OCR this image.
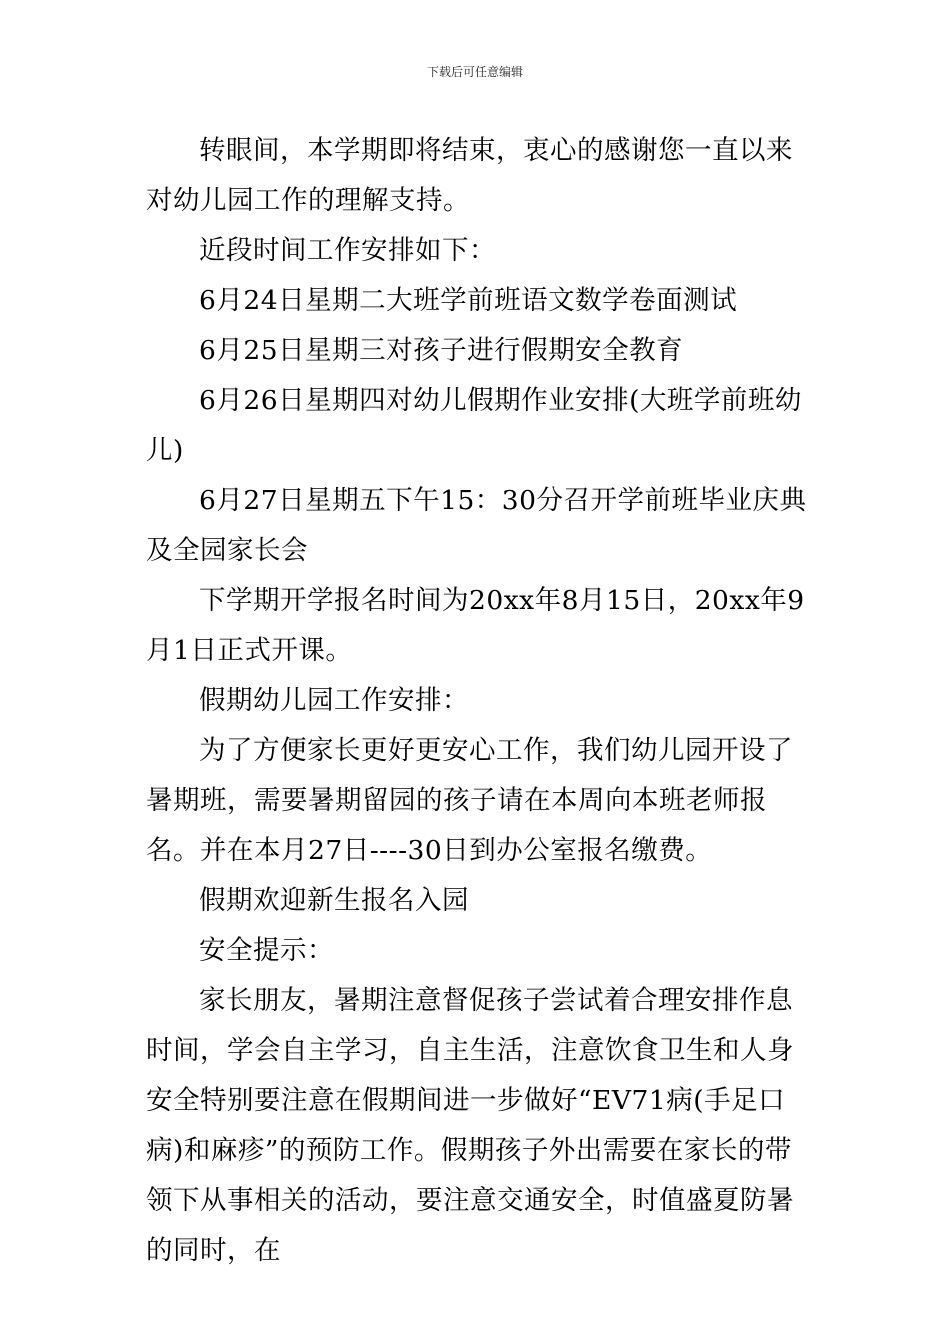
下载后可任意编辑

转眼间，本学期即将结束，衷心的感谢您一直以来对幼儿园工作的理解支持。

近段时间工作安排如下：

6月24日星期二大班学前班语文数学卷面测试

6月25日星期三对孩子进行假期安全教育

6月26日星期四对幼儿假期作业安排(大班学前班幼儿)

6月27日星期五下午15：30分召开学前班毕业庆典及全园家长会

下学期开学报名时间为20xx年8月15日，20xx年9月1日正式开课。

假期幼儿园工作安排：

为了方便家长更好更安心工作，我们幼儿园开设了暑期班，需要暑期留园的孩子请在本周向本班老师报名。并在本月27日----30日到办公室报名缴费。

假期欢迎新生报名入园

安全提示：

家长朋友，暑期注意督促孩子尝试着合理安排作息时间，学会自主学习，自主生活，注意饮食卫生和人身安全特别要注意在假期间进一步做好“EV71病(手足口病)和麻疹”的预防工作。假期孩子外出需要在家长的带领下从事相关的活动，要注意交通安全，时值盛夏防暑的同时，在
